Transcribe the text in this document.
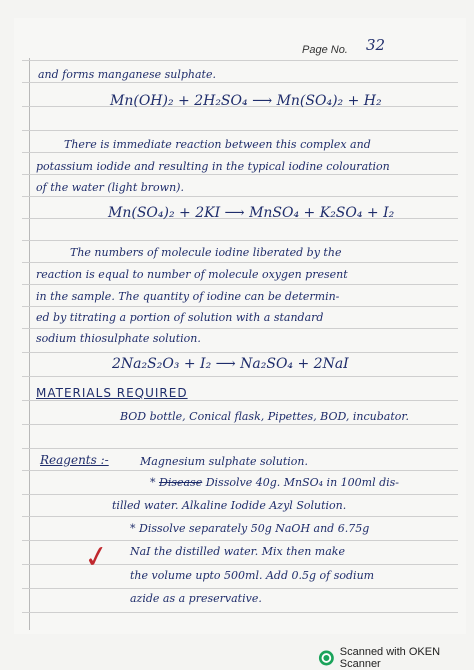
Page No. 32
and forms manganese sulphate.
Mn(OH)₂ + 2H₂SO₄ ⟶ Mn(SO₄)₂ + H₂
There is immediate reaction between this complex and
potassium iodide and resulting in the typical iodine colouration
of the water (light brown).
Mn(SO₄)₂ + 2KI ⟶ MnSO₄ + K₂SO₄ + I₂
The numbers of molecule iodine liberated by the
reaction is equal to number of molecule oxygen present
in the sample. The quantity of iodine can be determin-
ed by titrating a portion of solution with a standard
sodium thiosulphate solution.
2Na₂S₂O₃ + I₂ ⟶ Na₂SO₄ + 2NaI
MATERIALS REQUIRED
BOD bottle, Conical flask, Pipettes, BOD, incubator.
Reagents :-	Magnesium sulphate solution.
* Disease Dissolve 40g. MnSO₄ in 100ml dis-
tilled water. Alkaline Iodide Azyl Solution.
* Dissolve separately 50g NaOH and 6.75g
NaI the distilled water. Mix then make
the volume upto 500ml. Add 0.5g of sodium
azide as a preservative.
✓
Scanned with OKEN Scanner
